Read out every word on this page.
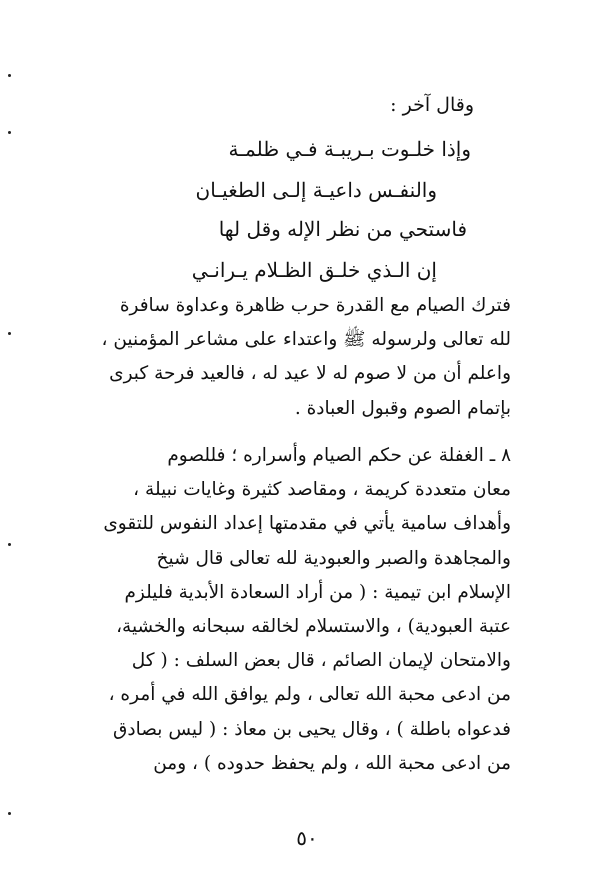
وقال آخر :
وإذا خلـوت بـريبـة فـي ظلمـة
والنفـس داعيـة إلـى الطغيـان
فاستحي من نظر الإله وقل لها
إن الـذي خلـق الظـلام يـرانـي
فترك الصيام مع القدرة حرب ظاهرة وعداوة سافرة
لله تعالى ولرسوله ﷺ واعتداء على مشاعر المؤمنين ،
واعلم أن من لا صوم له لا عيد له ، فالعيد فرحة كبرى
بإتمام الصوم وقبول العبادة .
٨ ـ الغفلة عن حكم الصيام وأسراره ؛ فللصوم
معان متعددة كريمة ، ومقاصد كثيرة وغايات نبيلة ،
وأهداف سامية يأتي في مقدمتها إعداد النفوس للتقوى
والمجاهدة والصبر والعبودية لله تعالى قال شيخ
الإسلام ابن تيمية : ( من أراد السعادة الأبدية فليلزم
عتبة العبودية) ، والاستسلام لخالقه سبحانه والخشية،
والامتحان لإيمان الصائم ، قال بعض السلف : ( كل
من ادعى محبة الله تعالى ، ولم يوافق الله في أمره ،
فدعواه باطلة ) ، وقال يحيى بن معاذ : ( ليس بصادق
من ادعى محبة الله ، ولم يحفظ حدوده ) ، ومن
٥٠
